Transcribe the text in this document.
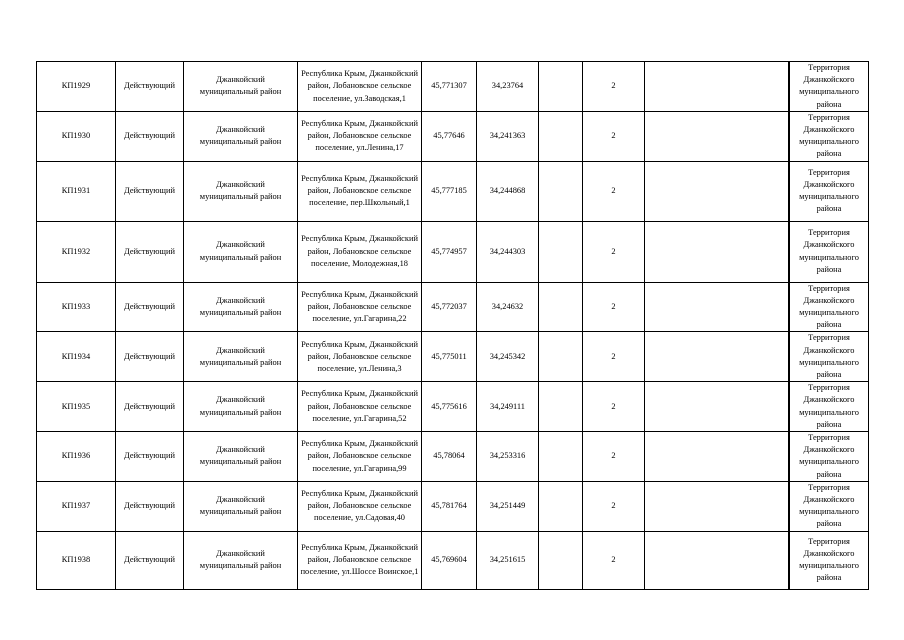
КП1929	Действующий	Джанкойский муниципальный район	Республика Крым, Джанкойский район, Лобановское сельское поселение, ул.Заводская,1	45,771307	34,23764		2			Территория Джанкойского муниципального района
КП1930	Действующий	Джанкойский муниципальный район	Республика Крым, Джанкойский район, Лобановское сельское поселение, ул.Ленина,17	45,77646	34,241363		2			Территория Джанкойского муниципального района
КП1931	Действующий	Джанкойский муниципальный район	Республика Крым, Джанкойский район, Лобановское сельское поселение, пер.Школьный,1	45,777185	34,244868		2			Территория Джанкойского муниципального района
КП1932	Действующий	Джанкойский муниципальный район	Республика Крым, Джанкойский район, Лобановское сельское поселение, Молодежная,18	45,774957	34,244303		2			Территория Джанкойского муниципального района
КП1933	Действующий	Джанкойский муниципальный район	Республика Крым, Джанкойский район, Лобановское сельское поселение, ул.Гагарина,22	45,772037	34,24632		2			Территория Джанкойского муниципального района
КП1934	Действующий	Джанкойский муниципальный район	Республика Крым, Джанкойский район, Лобановское сельское поселение, ул.Ленина,3	45,775011	34,245342		2			Территория Джанкойского муниципального района
КП1935	Действующий	Джанкойский муниципальный район	Республика Крым, Джанкойский район, Лобановское сельское поселение, ул.Гагарина,52	45,775616	34,249111		2			Территория Джанкойского муниципального района
КП1936	Действующий	Джанкойский муниципальный район	Республика Крым, Джанкойский район, Лобановское сельское поселение, ул.Гагарина,99	45,78064	34,253316		2			Территория Джанкойского муниципального района
КП1937	Действующий	Джанкойский муниципальный район	Республика Крым, Джанкойский район, Лобановское сельское поселение, ул.Садовая,40	45,781764	34,251449		2			Территория Джанкойского муниципального района
КП1938	Действующий	Джанкойский муниципальный район	Республика Крым, Джанкойский район, Лобановское сельское поселение, ул.Шоссе Воинское,1	45,769604	34,251615		2			Территория Джанкойского муниципального района
